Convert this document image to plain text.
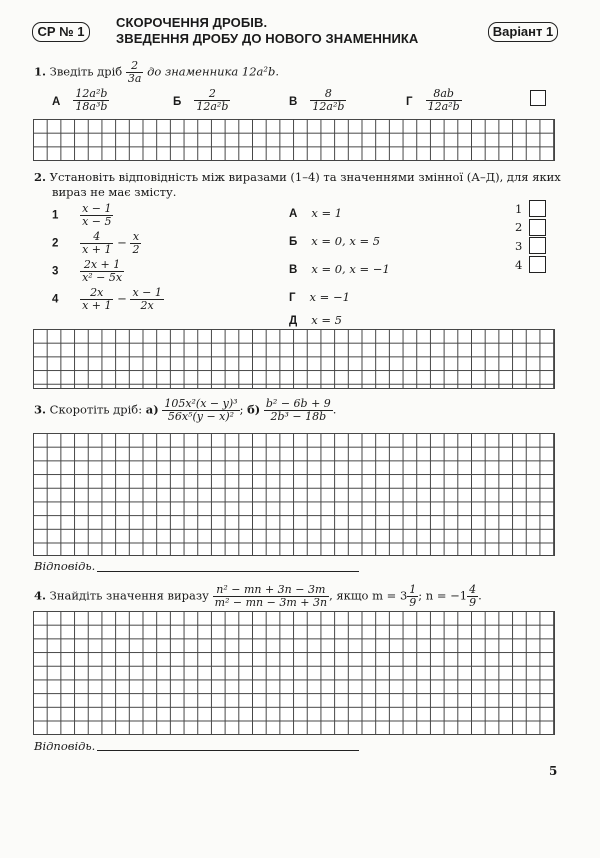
СР № 1
СКОРОЧЕННЯ ДРОБІВ.
ЗВЕДЕННЯ ДРОБУ ДО НОВОГО ЗНАМЕННИКА	Варіант 1
1. Зведіть дріб $\frac{2}{3a}$ до знаменника 12a²b.
А $\frac{\text{12a²b}}{\text{18a³b}}$	Б $\frac{2}{\text{12a²b}}$	В $\frac{8}{\text{12a²b}}$	Г $\frac{8ab}{\text{12a²b}}$
2. Установіть відповідність між виразами (1–4) та значеннями змінної (А–Д), для яких
вираз не має змісту.
$1 \frac{x - 1}{x - 5}$
$2 \frac{4}{x + 1} - \frac{x}{2}$
$3 \frac{2x + 1}{\text{x² − 5x}}$
$4 \frac{2x}{x + 1} - \frac{x - 1}{2x}$
А x = 1
Б x = 0, x = 5
В x = 0, x = −1
Г x = −1
Д x = 5
1
2
3
4
3. Скоротіть дріб: $а) \frac{\text{105x²(x − y)³}}{\text{56x⁵(y − x)²}}$ ; $б) \frac{\text{b² − 6b + 9}}{\text{2b³ − 18b}}$ .
Відповідь.
4. Знайдіть значення виразу $\frac{\text{n² − mn + 3n − 3m}}{\text{m² − mn − 3m + 3n}}$ , якщо $m = 3 \frac{1}{9}$ ; $n = -1 \frac{4}{9}$ .
Відповідь.
5
